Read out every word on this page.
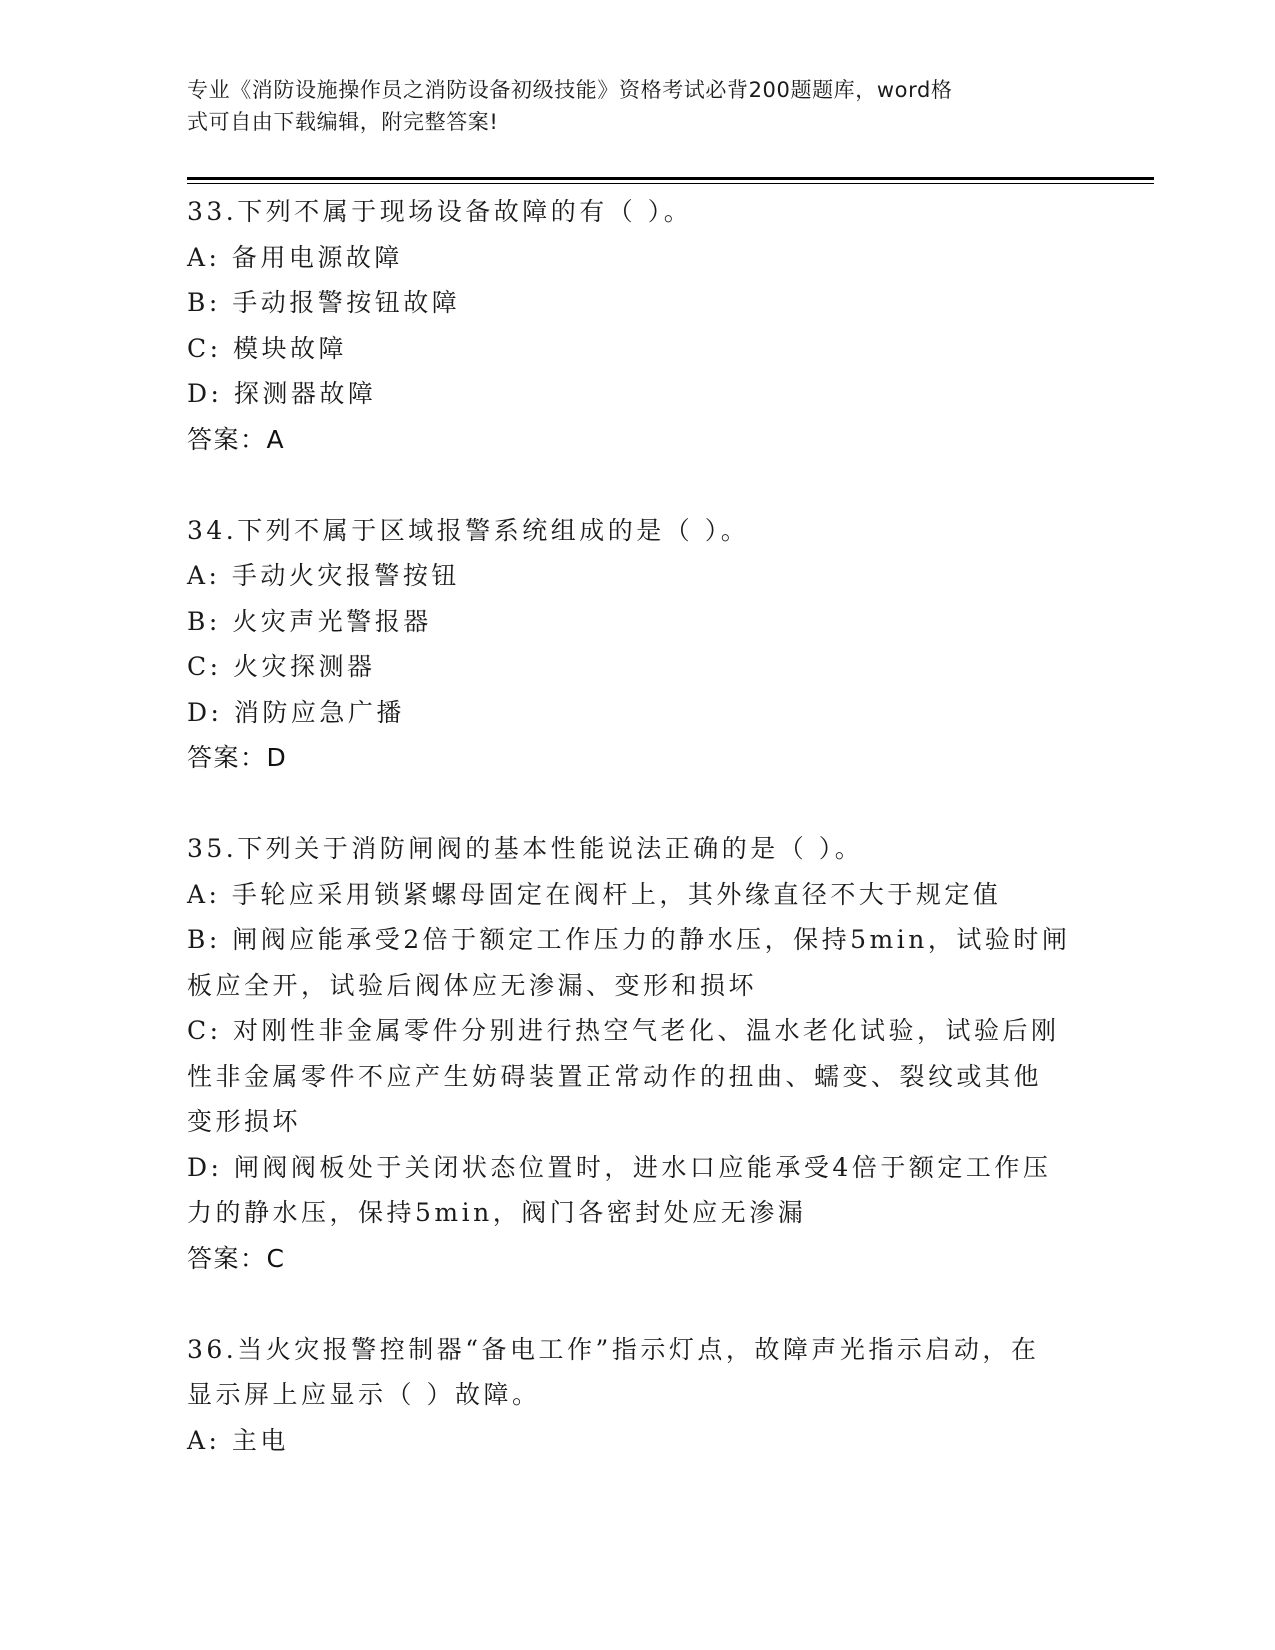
专业《消防设施操作员之消防设备初级技能》资格考试必背200题题库，word格
式可自由下载编辑，附完整答案!
33.下列不属于现场设备故障的有（ ）。
A: 备用电源故障
B: 手动报警按钮故障
C: 模块故障
D: 探测器故障
答案：A
34.下列不属于区域报警系统组成的是（ ）。
A: 手动火灾报警按钮
B: 火灾声光警报器
C: 火灾探测器
D: 消防应急广播
答案：D
35.下列关于消防闸阀的基本性能说法正确的是（ ）。
A: 手轮应采用锁紧螺母固定在阀杆上，其外缘直径不大于规定值
B: 闸阀应能承受2倍于额定工作压力的静水压，保持5min，试验时闸
板应全开，试验后阀体应无渗漏、变形和损坏
C: 对刚性非金属零件分别进行热空气老化、温水老化试验，试验后刚
性非金属零件不应产生妨碍装置正常动作的扭曲、蠕变、裂纹或其他
变形损坏
D: 闸阀阀板处于关闭状态位置时，进水口应能承受4倍于额定工作压
力的静水压，保持5min，阀门各密封处应无渗漏
答案：C
36.当火灾报警控制器“备电工作”指示灯点，故障声光指示启动，在
显示屏上应显示（ ）故障。
A: 主电
